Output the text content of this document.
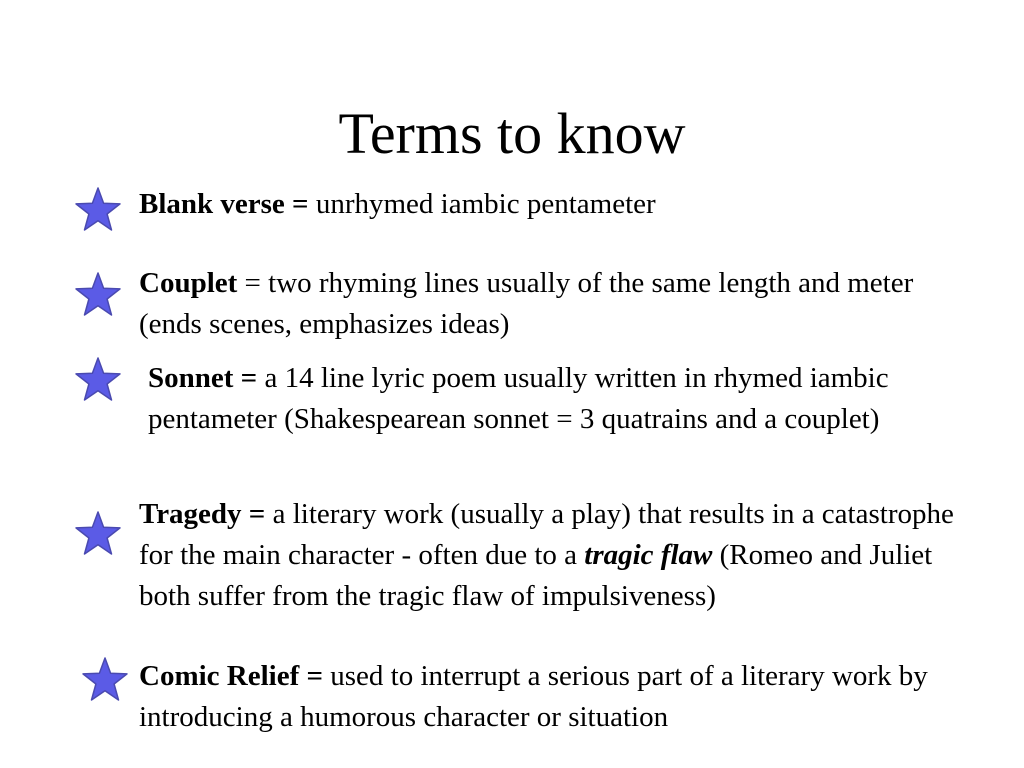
Terms to know
Blank verse = unrhymed iambic pentameter
Couplet = two rhyming lines usually of the same length and meter (ends scenes, emphasizes ideas)
Sonnet = a 14 line lyric poem usually written in rhymed iambic pentameter (Shakespearean sonnet = 3 quatrains and a couplet)
Tragedy = a literary work (usually a play) that results in a catastrophe for the main character - often due to a tragic flaw (Romeo and Juliet both suffer from the tragic flaw of impulsiveness)
Comic Relief = used to interrupt a serious part of a literary work by introducing a humorous character or situation
